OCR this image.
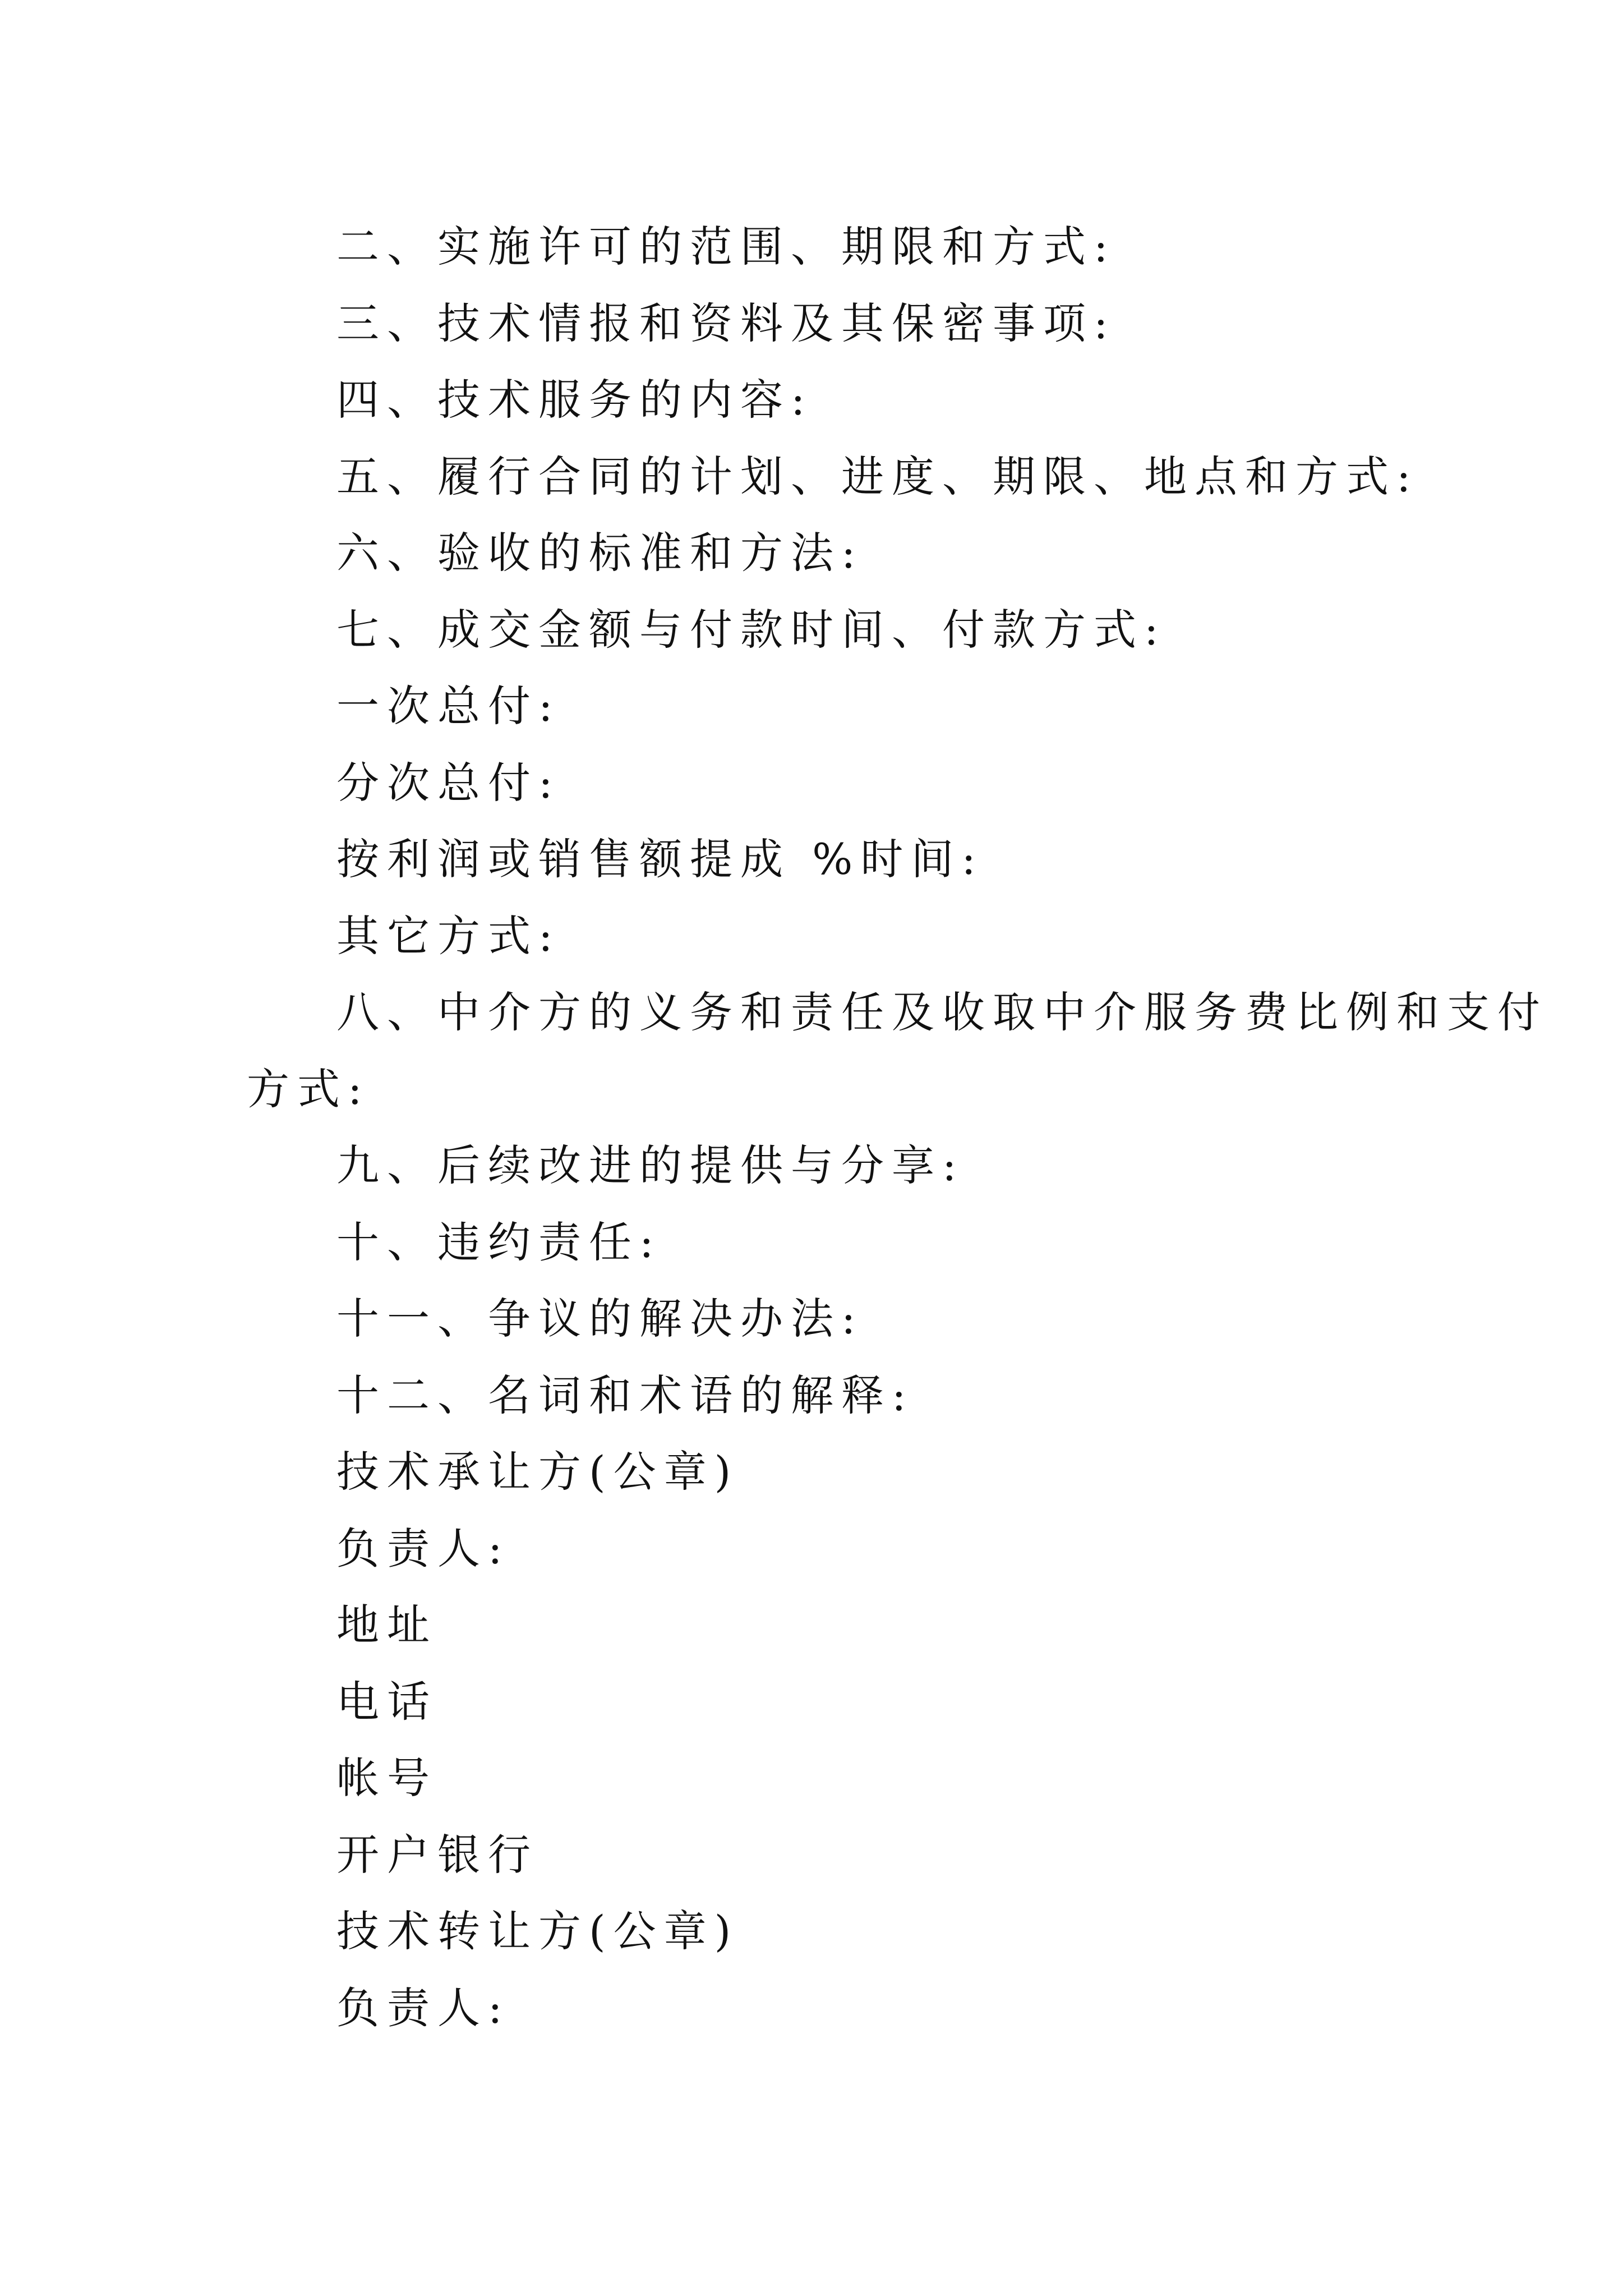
二、实施许可的范围、期限和方式:
三、技术情报和资料及其保密事项:
四、技术服务的内容:
五、履行合同的计划、进度、期限、地点和方式:
六、验收的标准和方法:
七、成交金额与付款时间、付款方式:
一次总付:
分次总付:
按利润或销售额提成 %时间:
其它方式:
八、中介方的义务和责任及收取中介服务费比例和支付
方式:
九、后续改进的提供与分享:
十、违约责任:
十一、争议的解决办法:
十二、名词和术语的解释:
技术承让方(公章)
负责人:
地址
电话
帐号
开户银行
技术转让方(公章)
负责人:
